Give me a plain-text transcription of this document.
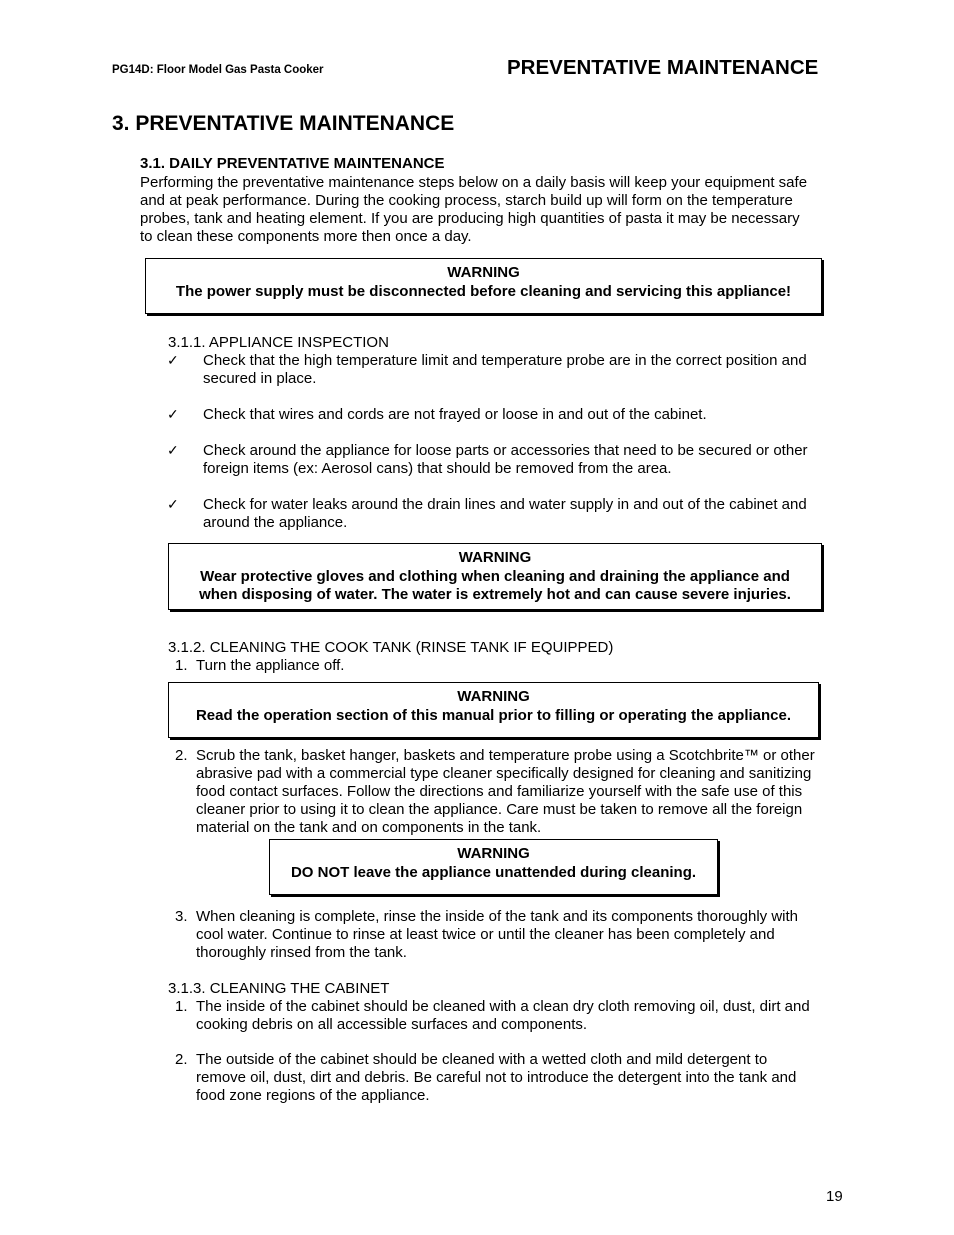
PG14D: Floor Model Gas Pasta Cooker	PREVENTATIVE MAINTENANCE
3. PREVENTATIVE MAINTENANCE
3.1. DAILY PREVENTATIVE MAINTENANCE
Performing the preventative maintenance steps below on a daily basis will keep your equipment safe
and at peak performance. During the cooking process, starch build up will form on the temperature
probes, tank and heating element. If you are producing high quantities of pasta it may be necessary
to clean these components more then once a day.
WARNING
The power supply must be disconnected before cleaning and servicing this appliance!
3.1.1. APPLIANCE INSPECTION
✓ Check that the high temperature limit and temperature probe are in the correct position and
secured in place.
✓ Check that wires and cords are not frayed or loose in and out of the cabinet.
✓ Check around the appliance for loose parts or accessories that need to be secured or other
foreign items (ex: Aerosol cans) that should be removed from the area.
✓ Check for water leaks around the drain lines and water supply in and out of the cabinet and
around the appliance.
WARNING
Wear protective gloves and clothing when cleaning and draining the appliance and
when disposing of water. The water is extremely hot and can cause severe injuries.
3.1.2. CLEANING THE COOK TANK (RINSE TANK IF EQUIPPED)
1. Turn the appliance off.
WARNING
Read the operation section of this manual prior to filling or operating the appliance.
2. Scrub the tank, basket hanger, baskets and temperature probe using a Scotchbrite™ or other
abrasive pad with a commercial type cleaner specifically designed for cleaning and sanitizing
food contact surfaces. Follow the directions and familiarize yourself with the safe use of this
cleaner prior to using it to clean the appliance. Care must be taken to remove all the foreign
material on the tank and on components in the tank.
WARNING
DO NOT leave the appliance unattended during cleaning.
3. When cleaning is complete, rinse the inside of the tank and its components thoroughly with
cool water. Continue to rinse at least twice or until the cleaner has been completely and
thoroughly rinsed from the tank.
3.1.3. CLEANING THE CABINET
1. The inside of the cabinet should be cleaned with a clean dry cloth removing oil, dust, dirt and
cooking debris on all accessible surfaces and components.
2. The outside of the cabinet should be cleaned with a wetted cloth and mild detergent to
remove oil, dust, dirt and debris. Be careful not to introduce the detergent into the tank and
food zone regions of the appliance.
19
